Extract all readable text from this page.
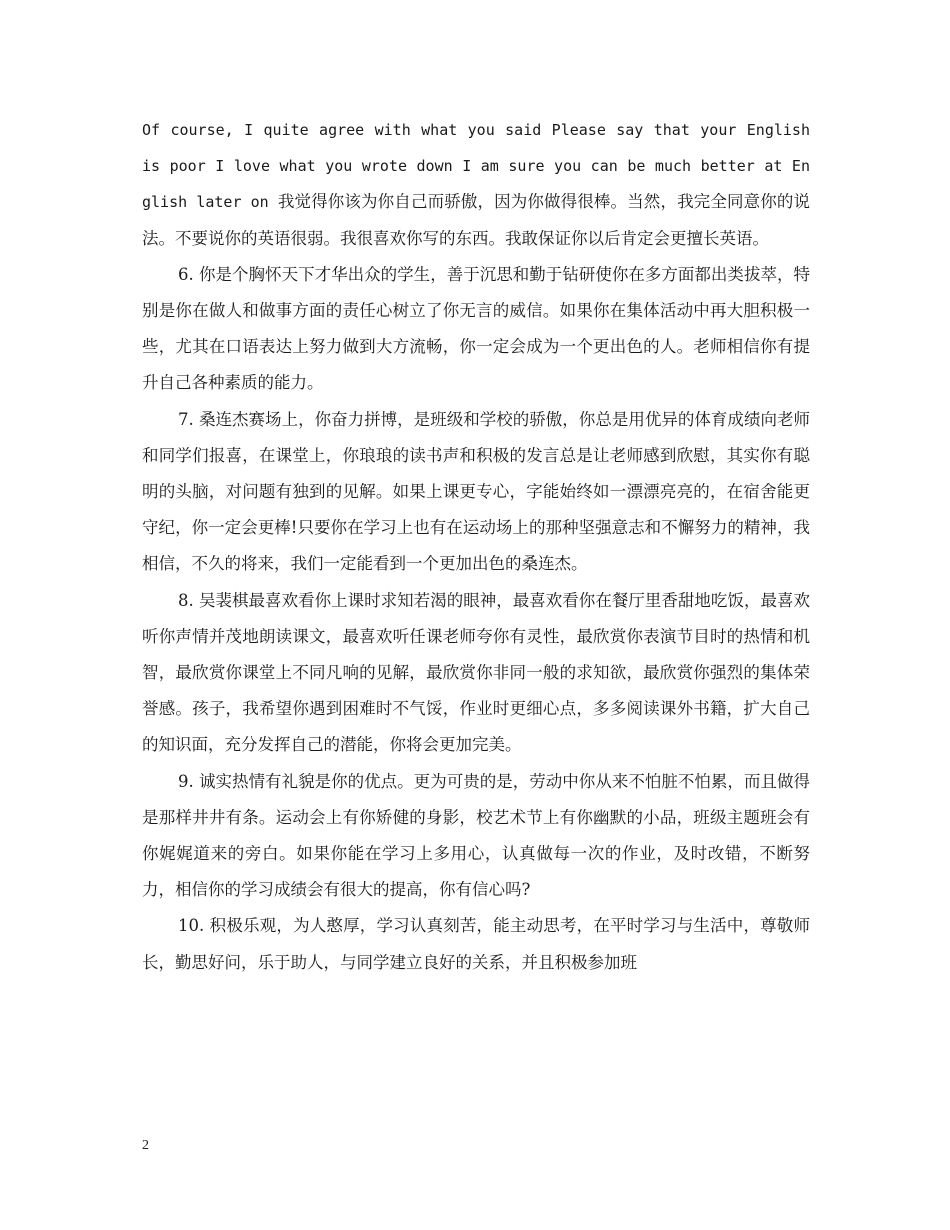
Of course, I quite agree with what you said Please say that your English is poor I love what you wrote down I am sure you can be much better at English later on 我觉得你该为你自己而骄傲，因为你做得很棒。当然，我完全同意你的说法。不要说你的英语很弱。我很喜欢你写的东西。我敢保证你以后肯定会更擅长英语。

6. 你是个胸怀天下才华出众的学生，善于沉思和勤于钻研使你在多方面都出类拔萃，特别是你在做人和做事方面的责任心树立了你无言的威信。如果你在集体活动中再大胆积极一些，尤其在口语表达上努力做到大方流畅，你一定会成为一个更出色的人。老师相信你有提升自己各种素质的能力。

7. 桑连杰赛场上，你奋力拼博，是班级和学校的骄傲，你总是用优异的体育成绩向老师和同学们报喜，在课堂上，你琅琅的读书声和积极的发言总是让老师感到欣慰，其实你有聪明的头脑，对问题有独到的见解。如果上课更专心，字能始终如一漂漂亮亮的，在宿舍能更守纪，你一定会更棒!只要你在学习上也有在运动场上的那种坚强意志和不懈努力的精神，我相信，不久的将来，我们一定能看到一个更加出色的桑连杰。

8. 吴裴棋最喜欢看你上课时求知若渴的眼神，最喜欢看你在餐厅里香甜地吃饭，最喜欢听你声情并茂地朗读课文，最喜欢听任课老师夸你有灵性，最欣赏你表演节目时的热情和机智，最欣赏你课堂上不同凡响的见解，最欣赏你非同一般的求知欲，最欣赏你强烈的集体荣誉感。孩子，我希望你遇到困难时不气馁，作业时更细心点，多多阅读课外书籍，扩大自己的知识面，充分发挥自己的潜能，你将会更加完美。

9. 诚实热情有礼貌是你的优点。更为可贵的是，劳动中你从来不怕脏不怕累，而且做得是那样井井有条。运动会上有你矫健的身影，校艺术节上有你幽默的小品，班级主题班会有你娓娓道来的旁白。如果你能在学习上多用心，认真做每一次的作业，及时改错，不断努力，相信你的学习成绩会有很大的提高，你有信心吗?

10. 积极乐观，为人憨厚，学习认真刻苦，能主动思考，在平时学习与生活中，尊敬师长，勤思好问，乐于助人，与同学建立良好的关系，并且积极参加班

2
